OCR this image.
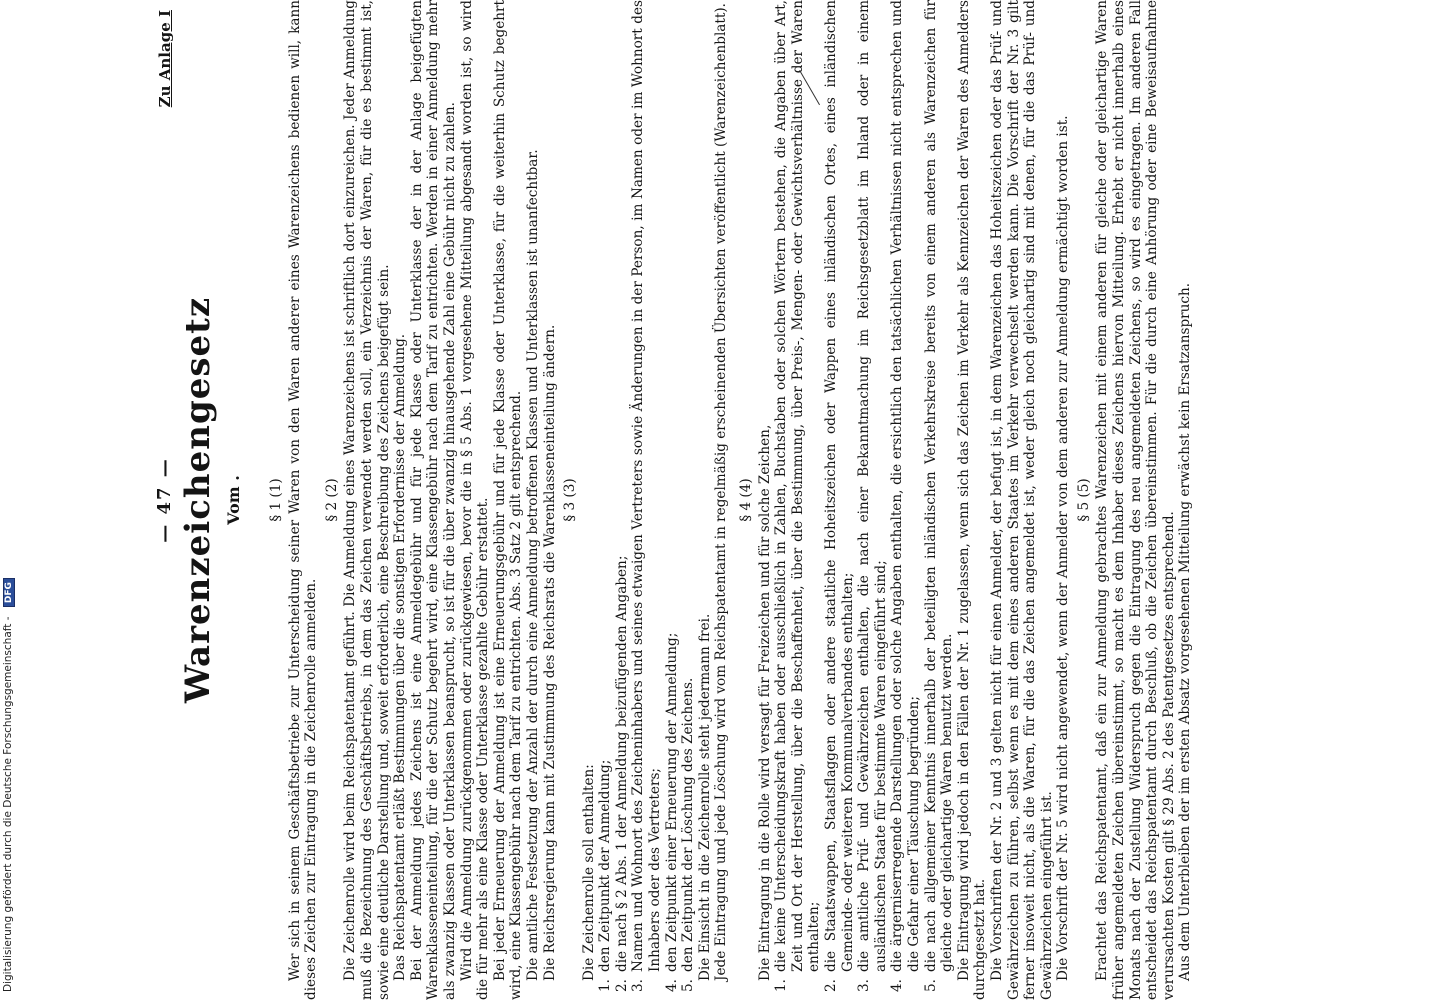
Digitalisierung gefördert durch die Deutsche Forschungsgemeinschaft - DFG
— 47 — Warenzeichengesetz Vom .
Zu Anlage I
§ 1 (1) Wer sich in seinem Geschäftsbetriebe zur Unterscheidung seiner Waren von den Waren anderer eines Warenzeichens bedienen will, kann dieses Zeichen zur Eintragung in die Zeichenrolle anmelden.

§ 2 (2) Die Zeichenrolle wird beim Reichspatentamt geführt. Die Anmeldung eines Warenzeichens ist schriftlich dort einzureichen. Jeder Anmeldung muß die Bezeichnung des Geschäftsbetriebs, in dem das Zeichen verwendet werden soll, ein Verzeichnis der Waren, für die es bestimmt ist, sowie eine deutliche Darstellung und, soweit erforderlich, eine Beschreibung des Zeichens beigefügt sein. Das Reichspatentamt erläßt Bestimmungen über die sonstigen Erfordernisse der Anmeldung. Bei der Anmeldung jedes Zeichens ist eine Anmeldegebühr und für jede Klasse oder Unterklasse der in der Anlage beigefügten Warenklasseneinteilung, für die der Schutz begehrt wird, eine Klassengebühr nach dem Tarif zu entrichten. Werden in einer Anmeldung mehr als zwanzig Klassen oder Unterklassen beansprucht, so ist für die über zwanzig hinausgehende Zahl eine Gebühr nicht zu zahlen. Wird die Anmeldung zurückgenommen oder zurückgewiesen, bevor die in § 5 Abs. 1 vorgesehene Mitteilung abgesandt worden ist, so wird die für mehr als eine Klasse oder Unterklasse gezahlte Gebühr erstattet. Bei jeder Erneuerung der Anmeldung ist eine Erneuerungsgebühr und für jede Klasse oder Unterklasse, für die weiterhin Schutz begehrt wird, eine Klassengebühr nach dem Tarif zu entrichten. Abs. 3 Satz 2 gilt entsprechend. Die amtliche Festsetzung der Anzahl der durch eine Anmeldung betroffenen Klassen und Unterklassen ist unanfechtbar. Die Reichsregierung kann mit Zustimmung des Reichsrats die Warenklasseneinteilung ändern. § 3 (3)

Die Zeichenrolle soll enthalten:

1.den Zeitpunkt der Anmeldung;
2.die nach § 2 Abs. 1 der Anmeldung beizufügenden Angaben;
3.Namen und Wohnort des Zeicheninhabers und seines etwaigen Vertreters sowie Änderungen in der Person, im Namen oder im Wohnort des Inhabers oder des Vertreters;
4.den Zeitpunkt einer Erneuerung der Anmeldung;
5.den Zeitpunkt der Löschung des Zeichens. Die Einsicht in die Zeichenrolle steht jedermann frei. Jede Eintragung und jede Löschung wird vom Reichspatentamt in regelmäßig erscheinenden Übersichten veröffentlicht (Warenzeichenblatt). § 4 (4) Die Eintragung in die Rolle wird versagt für Freizeichen und für solche Zeichen,

1.die keine Unterscheidungskraft haben oder ausschließlich in Zahlen, Buchstaben oder solchen Wörtern bestehen, die Angaben über Art, Zeit und Ort der Herstellung, über die Beschaffenheit, über die Bestimmung, über Preis-, Mengen- oder Gewichtsverhältnisse der Waren enthalten;
2.die Staatswappen, Staatsflaggen oder andere staatliche Hoheitszeichen oder Wappen eines inländischen Ortes, eines inländischen Gemeinde- oder weiteren Kommunalverbandes enthalten;
3.die amtliche Prüf- und Gewährzeichen enthalten, die nach einer Bekanntmachung im Reichsgesetzblatt im Inland oder in einem ausländischen Staate für bestimmte Waren eingeführt sind;
4.die ärgerniserregende Darstellungen oder solche Angaben enthalten, die ersichtlich den tatsächlichen Verhältnissen nicht entsprechen und die Gefahr einer Täuschung begründen;
5.die nach allgemeiner Kenntnis innerhalb der beteiligten inländischen Verkehrskreise bereits von einem anderen als Warenzeichen für gleiche oder gleichartige Waren benutzt werden. Die Eintragung wird jedoch in den Fällen der Nr. 1 zugelassen, wenn sich das Zeichen im Verkehr als Kennzeichen der Waren des Anmelders durchgesetzt hat. Die Vorschriften der Nr. 2 und 3 gelten nicht für einen Anmelder, der befugt ist, in dem Warenzeichen das Hoheitszeichen oder das Prüf- und Gewährzeichen zu führen, selbst wenn es mit dem eines anderen Staates im Verkehr verwechselt werden kann. Die Vorschrift der Nr. 3 gilt ferner insoweit nicht, als die Waren, für die das Zeichen angemeldet ist, weder gleich noch gleichartig sind mit denen, für die das Prüf- und Gewährzeichen eingeführt ist. Die Vorschrift der Nr. 5 wird nicht angewendet, wenn der Anmelder von dem anderen zur Anmeldung ermächtigt worden ist. § 5 (5) Erachtet das Reichspatentamt, daß ein zur Anmeldung gebrachtes Warenzeichen mit einem anderen für gleiche oder gleichartige Waren früher angemeldeten Zeichen übereinstimmt, so macht es dem Inhaber dieses Zeichens hiervon Mitteilung. Erhebt er nicht innerhalb eines Monats nach der Zustellung Widerspruch gegen die Eintragung des neu angemeldeten Zeichens, so wird es eingetragen. Im anderen Fall entscheidet das Reichspatentamt durch Beschluß, ob die Zeichen übereinstimmen. Für die durch eine Anhörung oder eine Beweisaufnahme verursachten Kosten gilt § 29 Abs. 2 des Patentgesetzes entsprechend. Aus dem Unterbleiben der im ersten Absatz vorgesehenen Mitteilung erwächst kein Ersatzanspruch.
